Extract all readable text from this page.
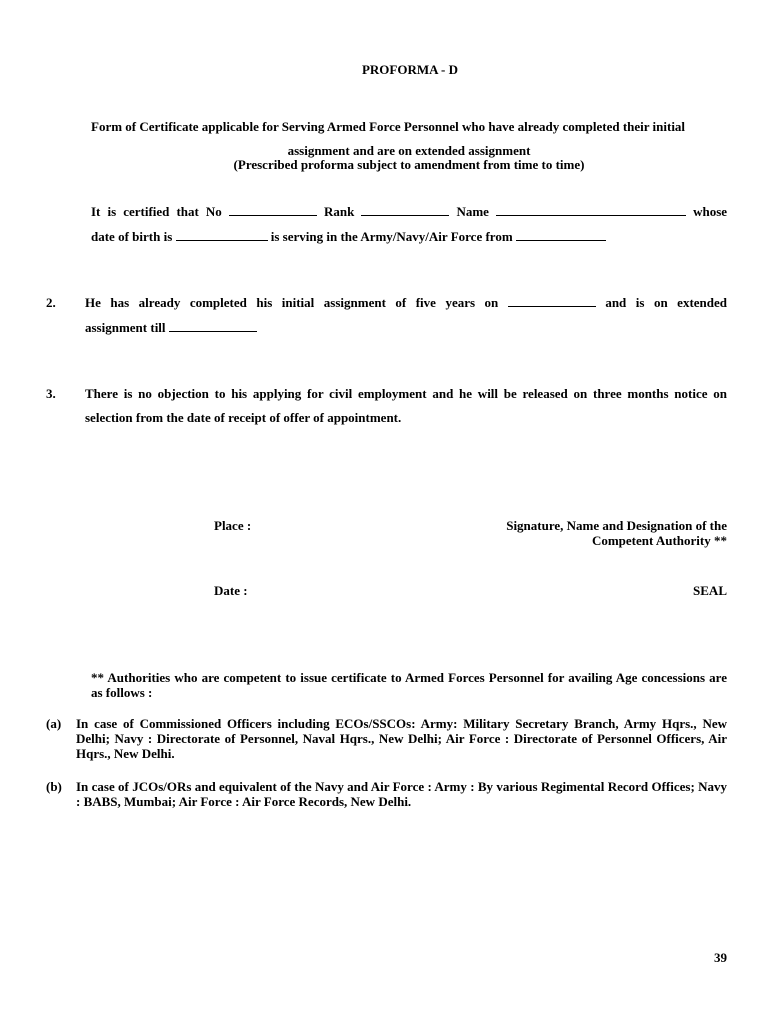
PROFORMA - D
Form of Certificate applicable for Serving Armed Force Personnel who have already completed their initial
assignment and are on extended assignment
(Prescribed proforma subject to amendment from time to time)
It is certified that No	Rank	Name	whose
date of birth is	is serving in the Army/Navy/Air Force from
2. He has already completed his initial assignment of five years on	and is on extended
assignment till
3. There is no objection to his applying for civil employment and he will be released on three months notice on
selection from the date of receipt of offer of appointment.
Place :	Signature, Name and Designation of the
Competent Authority **
Date :	SEAL
** Authorities who are competent to issue certificate to Armed Forces Personnel for availing Age concessions are as follows :
(a) In case of Commissioned Officers including ECOs/SSCOs: Army: Military Secretary Branch, Army Hqrs., New Delhi; Navy : Directorate of Personnel, Naval Hqrs., New Delhi; Air Force : Directorate of Personnel Officers, Air Hqrs., New Delhi.
(b) In case of JCOs/ORs and equivalent of the Navy and Air Force : Army : By various Regimental Record Offices; Navy : BABS, Mumbai; Air Force : Air Force Records, New Delhi.
39
